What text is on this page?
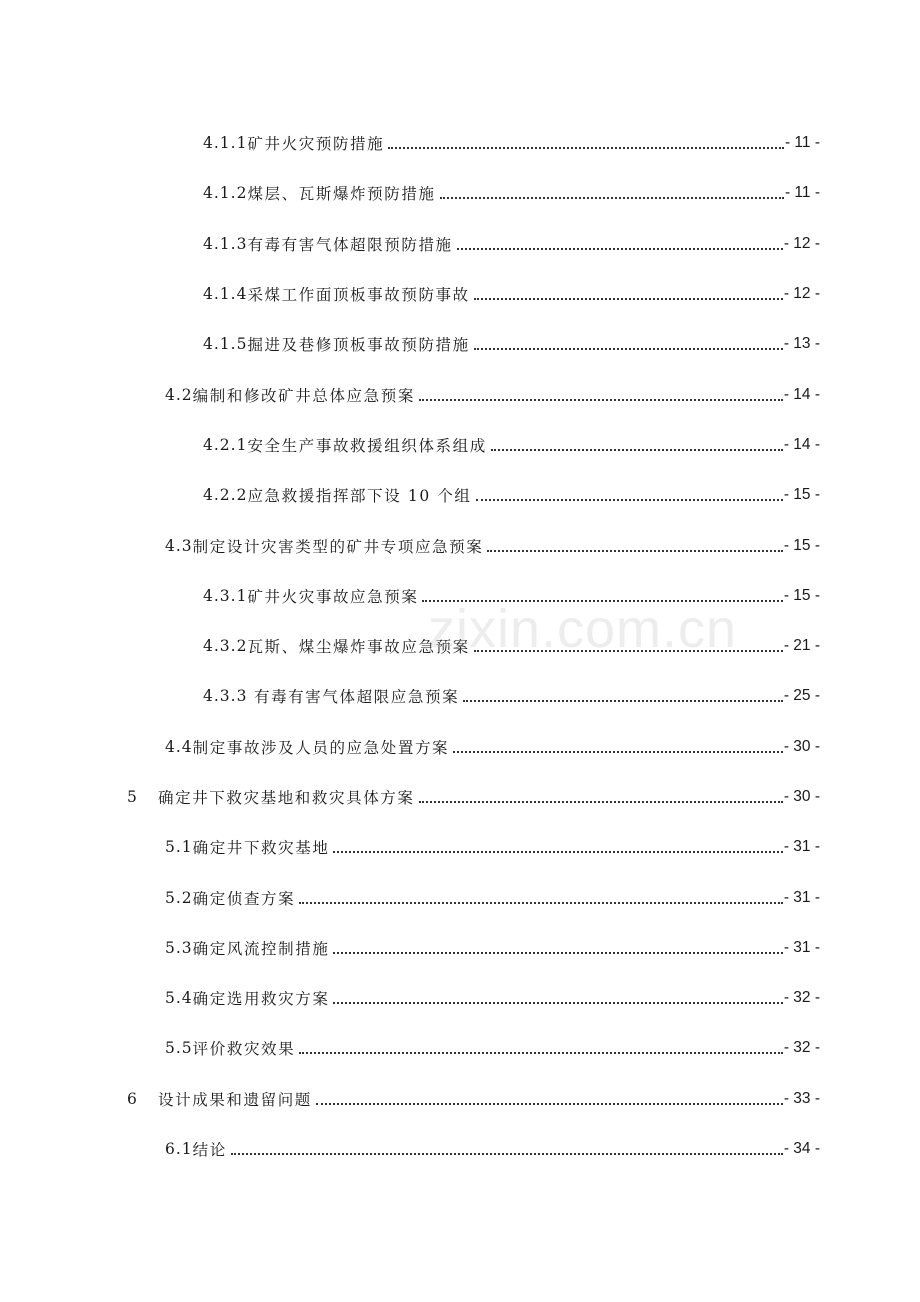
4.1.1 矿井火灾预防措施	- 11 -
4.1.2 煤层、瓦斯爆炸预防措施	- 11 -
4.1.3 有毒有害气体超限预防措施	- 12 -
4.1.4 采煤工作面顶板事故预防事故	- 12 -
4.1.5 掘进及巷修顶板事故预防措施	- 13 -
4.2 编制和修改矿井总体应急预案	- 14 -
4.2.1 安全生产事故救援组织体系组成	- 14 -
4.2.2 应急救援指挥部下设 10 个组	- 15 -
4.3 制定设计灾害类型的矿井专项应急预案	- 15 -
4.3.1 矿井火灾事故应急预案	- 15 -
4.3.2 瓦斯、煤尘爆炸事故应急预案	- 21 -
4.3.3 有毒有害气体超限应急预案	- 25 -
4.4 制定事故涉及人员的应急处置方案	- 30 -
5	确定井下救灾基地和救灾具体方案	- 30 -
5.1 确定井下救灾基地	- 31 -
5.2 确定侦查方案	- 31 -
5.3 确定风流控制措施	- 31 -
5.4 确定选用救灾方案	- 32 -
5.5 评价救灾效果	- 32 -
6	设计成果和遗留问题	- 33 -
6.1 结论	- 34 -
zixin.com.cn
